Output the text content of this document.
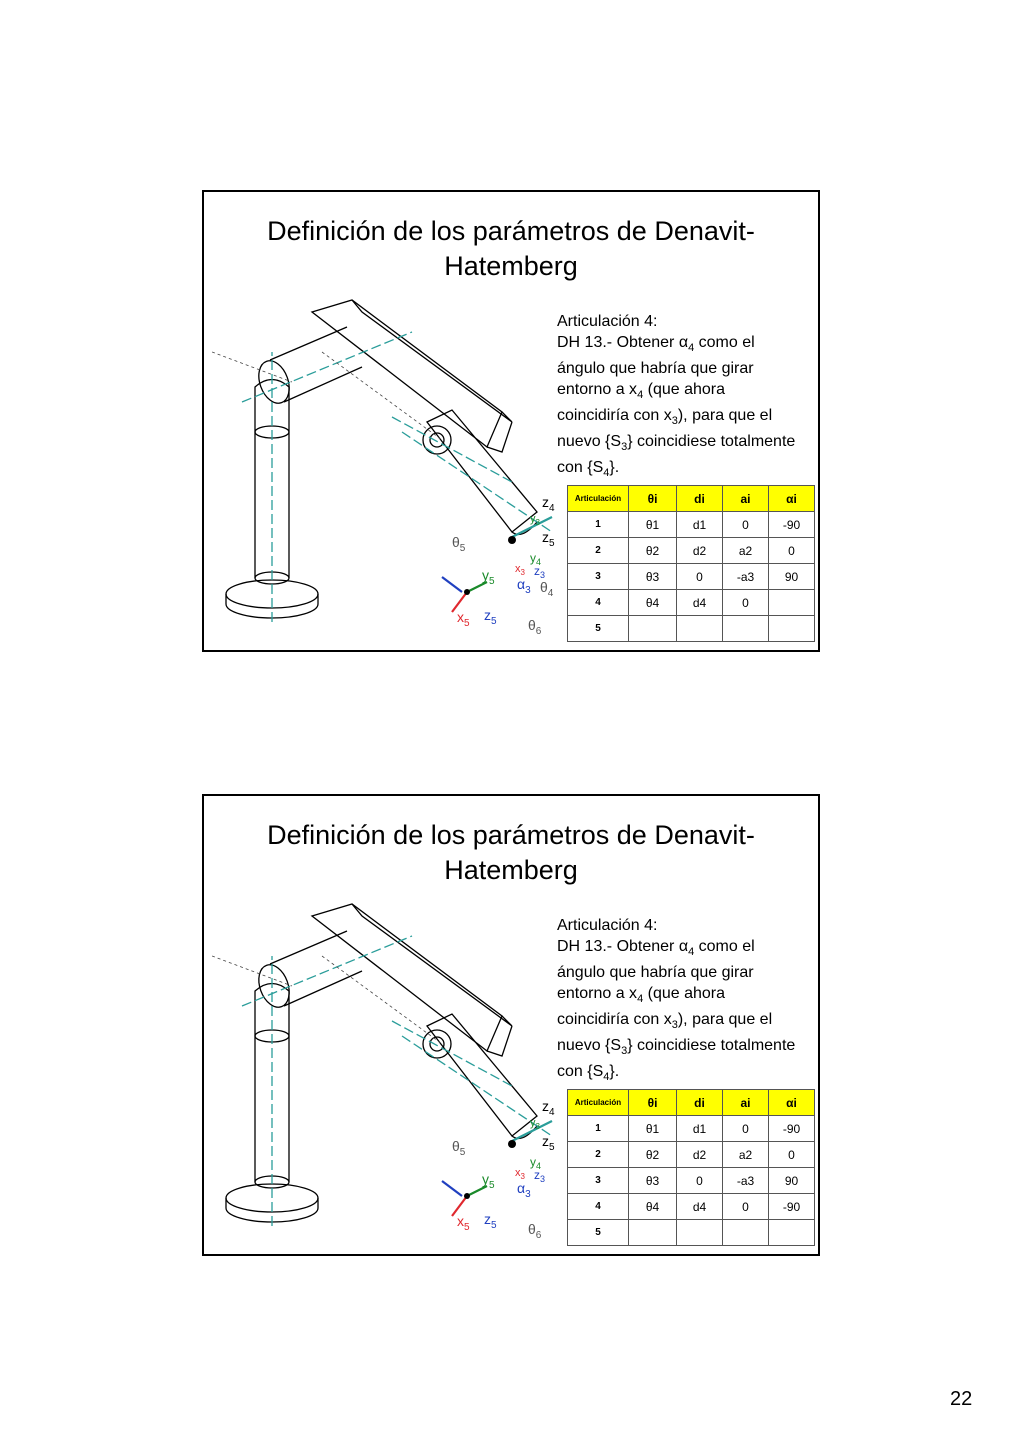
Definición de los parámetros de Denavit-
Hatemberg

Articulación 4:

DH 13.- Obtener $\alpha_4$ como el

ángulo que habría que girar

entorno a $x_4$ (que ahora

coincidiría con $x_3$), para que el

nuevo $\{S_3\}$ coincidiese totalmente

con $\{S_4\}$.

$z_4$
$z_5$
$\theta_5$
$y_5$
$x_5$
$z_5$ $\theta_6$
$\alpha_3$ $\theta_4$
$y_4$
$z_3$
$x_3$
$y_3$
Articulación	θi	di	ai	αi
1	θ1	d1	0	-90
2	θ2	d2	a2	0
3	θ3	0	-a3	90
4	θ4	d4	0	
5				
Definición de los parámetros de Denavit-
Hatemberg

Articulación 4:

DH 13.- Obtener $\alpha_4$ como el

ángulo que habría que girar

entorno a $x_4$ (que ahora

coincidiría con $x_3$), para que el

nuevo $\{S_3\}$ coincidiese totalmente

con $\{S_4\}$.

$z_4$
$z_5$
$\theta_5$
$y_5$
$x_5$
$z_5$ $\theta_6$
$\alpha_3$
$y_4$
$z_3$
$x_3$
$y_3$
Articulación	θi	di	ai	αi
1	θ1	d1	0	-90
2	θ2	d2	a2	0
3	θ3	0	-a3	90
4	θ4	d4	0	-90
5				
22
